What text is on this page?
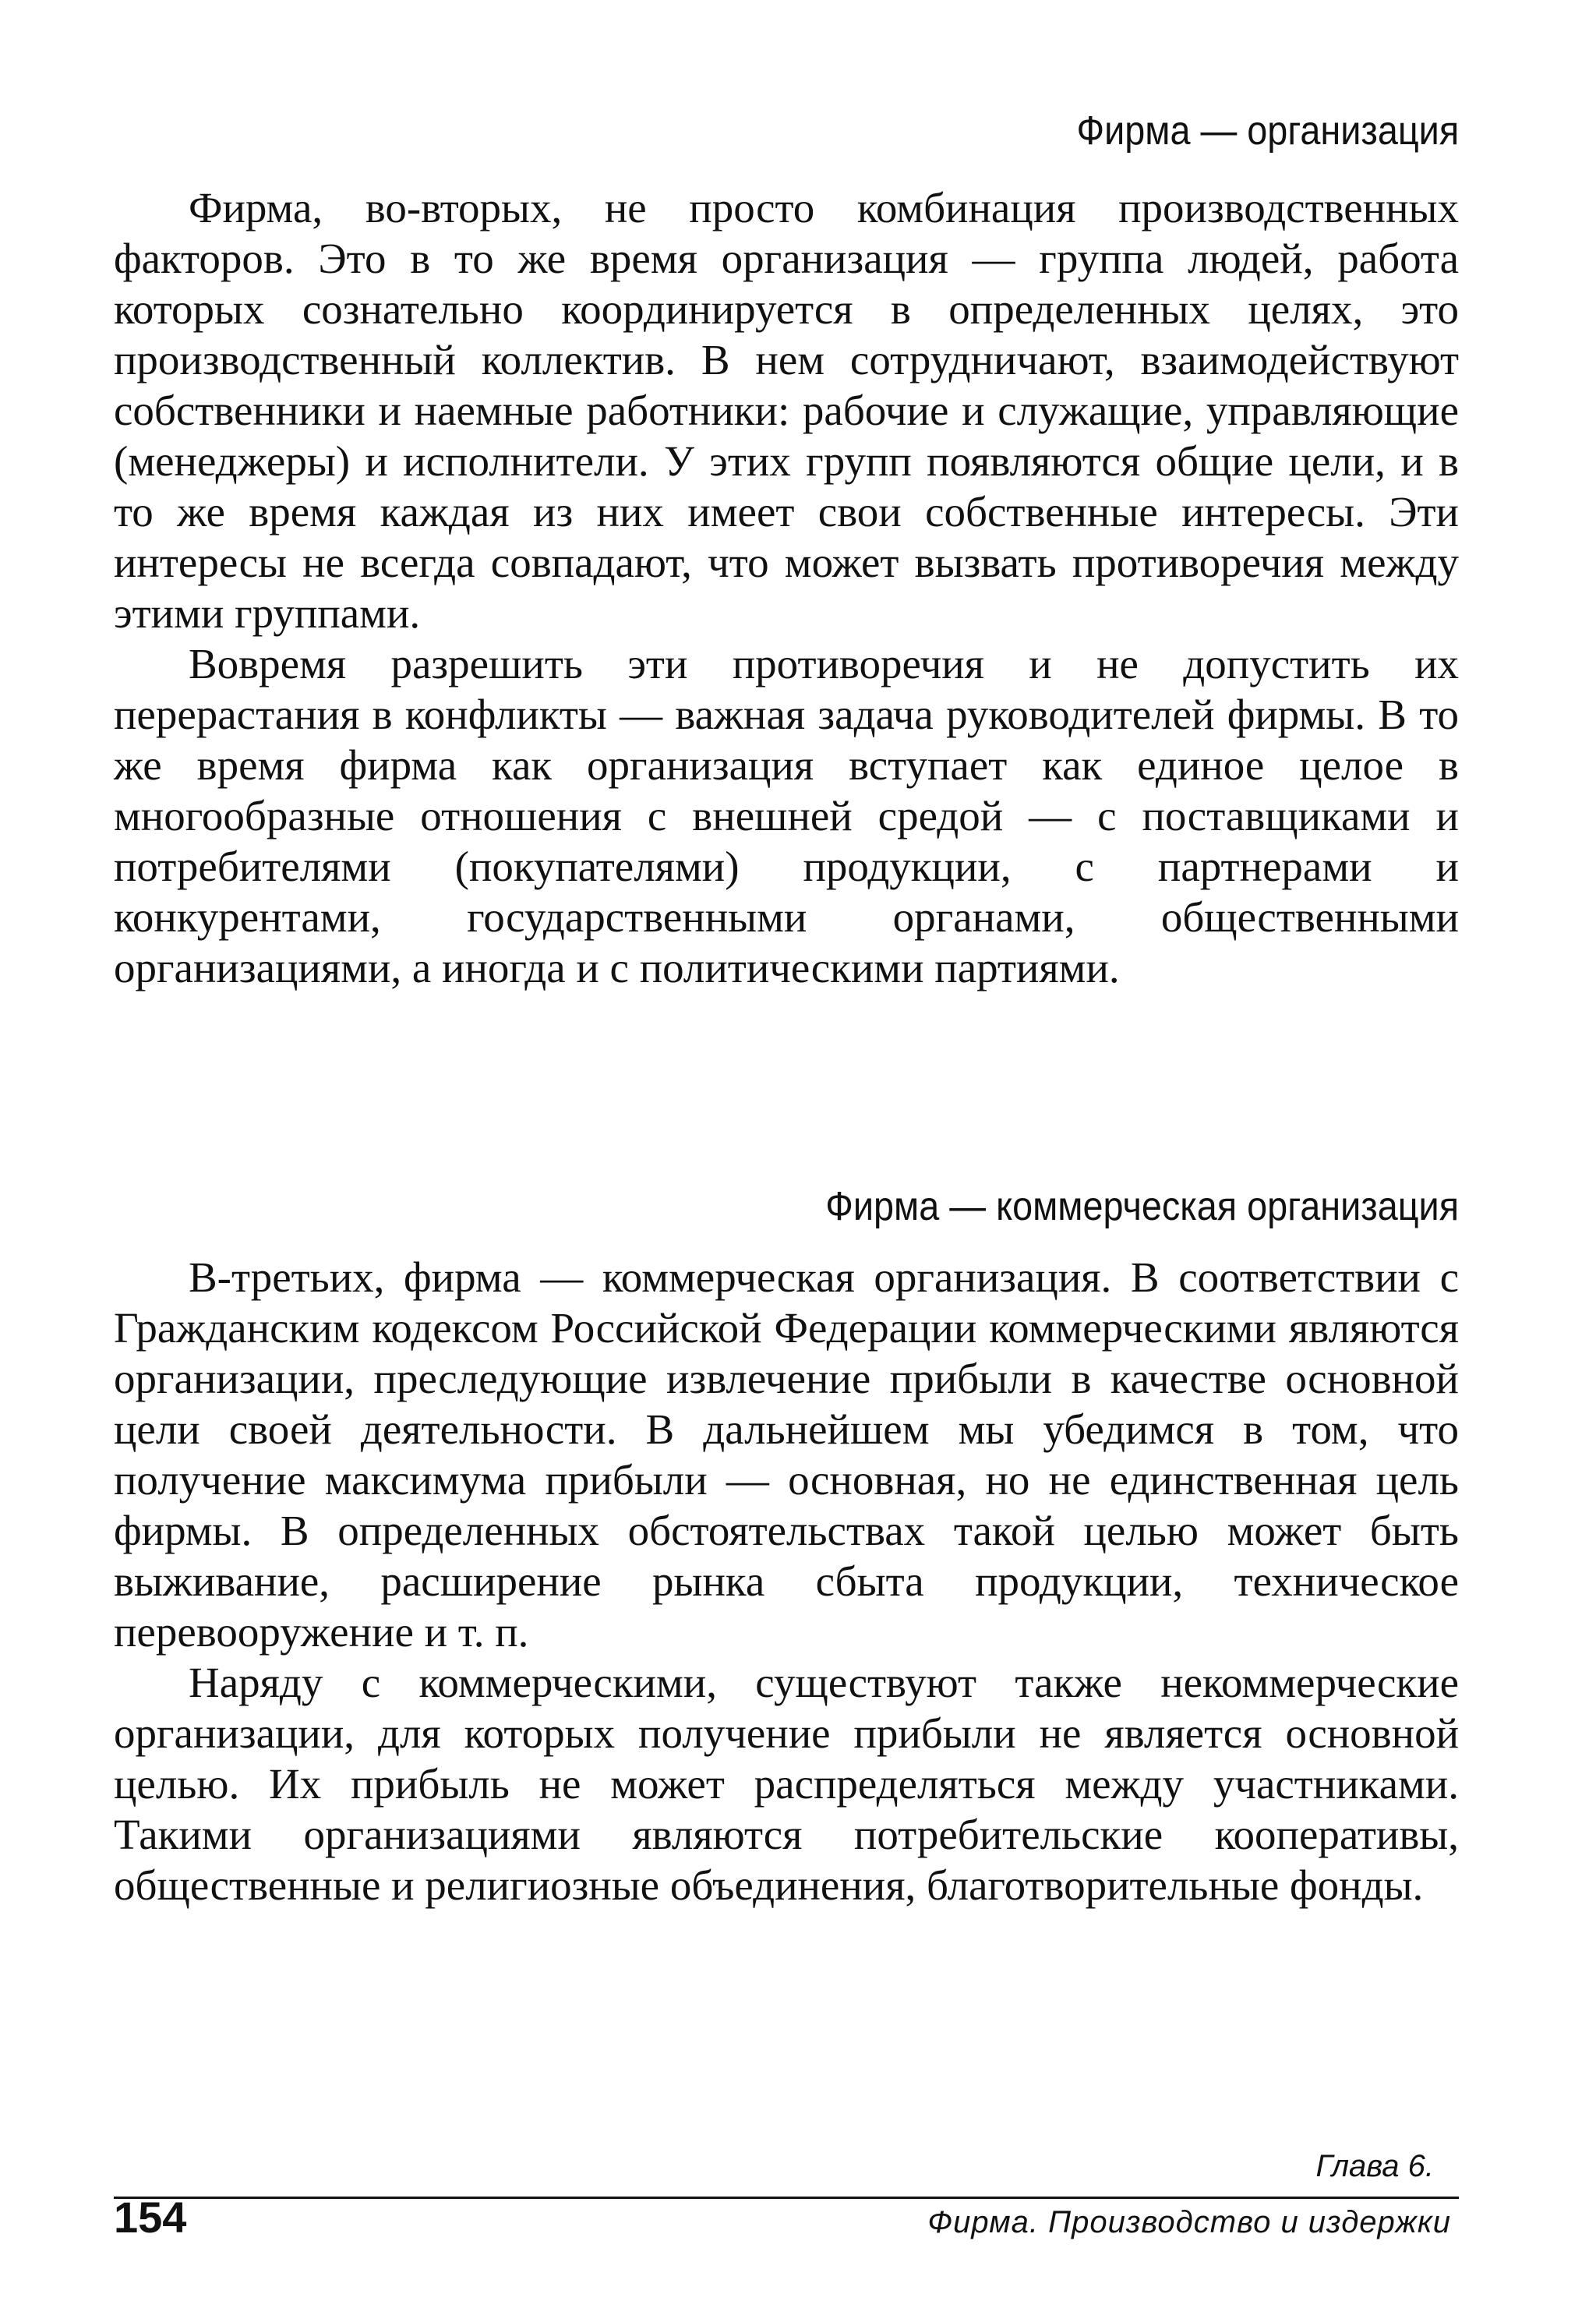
Фирма — организация

Фирма, во-вторых, не просто комбинация производственных факторов. Это в то же время организация — группа людей, работа которых сознательно координируется в определенных целях, это производственный коллектив. В нем сотрудничают, взаимодействуют собственники и наемные работники: рабочие и служащие, управляющие (менеджеры) и исполнители. У этих групп появляются общие цели, и в то же время каждая из них имеет свои собственные интересы. Эти интересы не всегда совпадают, что может вызвать противоречия между этими группами.

Вовремя разрешить эти противоречия и не допустить их перерастания в конфликты — важная задача руководителей фирмы. В то же время фирма как организация вступает как единое целое в многообразные отношения с внешней средой — с поставщиками и потребителями (покупателями) продукции, с партнерами и конкурентами, государственными органами, общественными организациями, а иногда и с политическими партиями.

Фирма — коммерческая организация

В-третьих, фирма — коммерческая организация. В соответствии с Гражданским кодексом Российской Федерации коммерческими являются организации, преследующие извлечение прибыли в качестве основной цели своей деятельности. В дальнейшем мы убедимся в том, что получение максимума прибыли — основная, но не единственная цель фирмы. В определенных обстоятельствах такой целью может быть выживание, расширение рынка сбыта продукции, техническое перевооружение и т. п.

Наряду с коммерческими, существуют также некоммерческие организации, для которых получение прибыли не является основной целью. Их прибыль не может распределяться между участниками. Такими организациями являются потребительские кооперативы, общественные и религиозные объединения, благотворительные фонды.

Глава 6.
154	Фирма. Производство и издержки
